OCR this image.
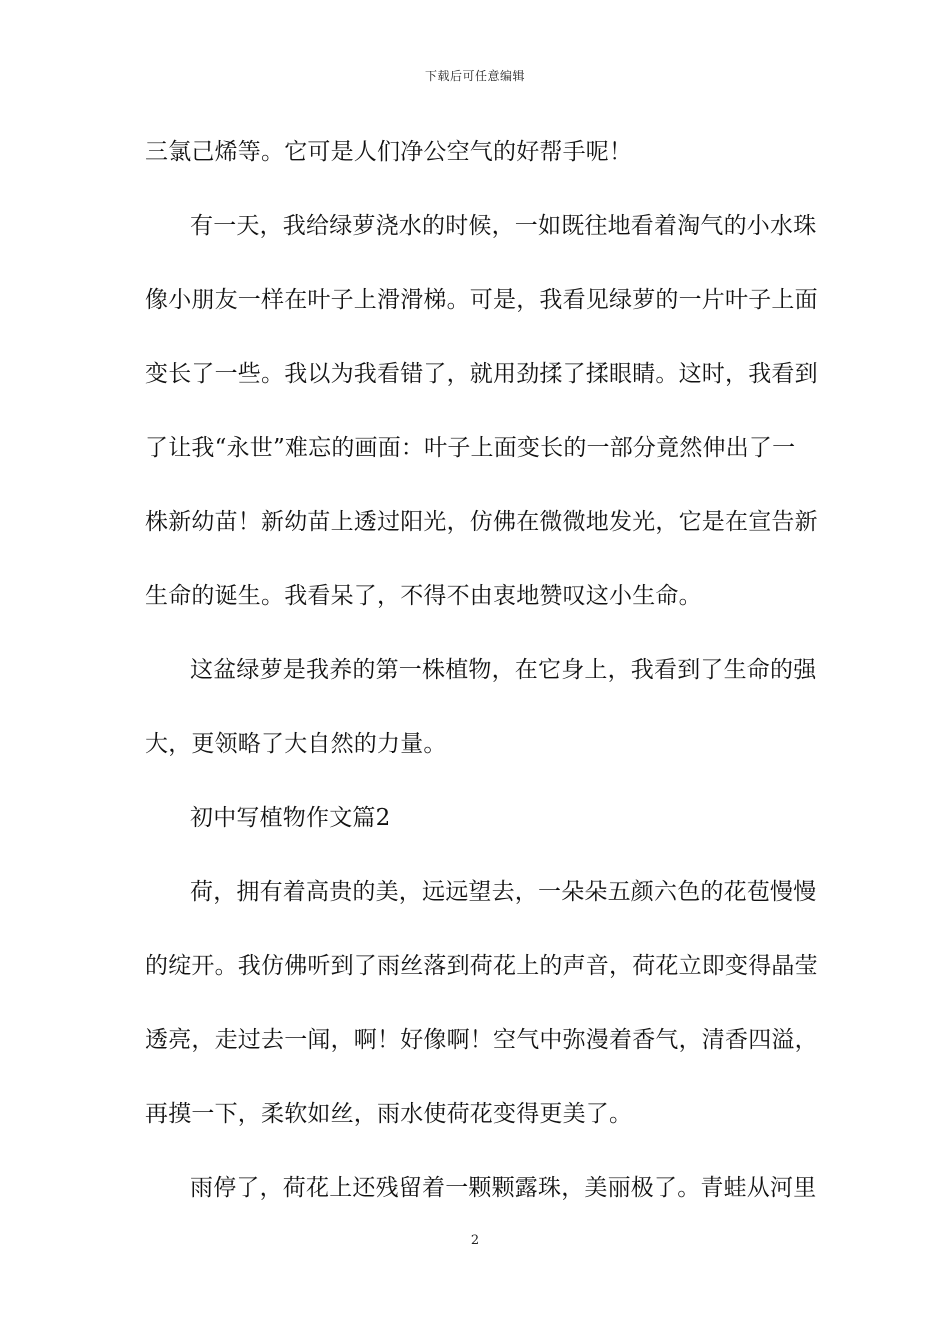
下载后可任意编辑
三氯己烯等。它可是人们净公空气的好帮手呢！
有一天，我给绿萝浇水的时候，一如既往地看着淘气的小水珠
像小朋友一样在叶子上滑滑梯。可是，我看见绿萝的一片叶子上面
变长了一些。我以为我看错了，就用劲揉了揉眼睛。这时，我看到
了让我“永世”难忘的画面：叶子上面变长的一部分竟然伸出了一
株新幼苗！新幼苗上透过阳光，仿佛在微微地发光，它是在宣告新
生命的诞生。我看呆了，不得不由衷地赞叹这小生命。
这盆绿萝是我养的第一株植物，在它身上，我看到了生命的强
大，更领略了大自然的力量。
初中写植物作文篇2
荷，拥有着高贵的美，远远望去，一朵朵五颜六色的花苞慢慢
的绽开。我仿佛听到了雨丝落到荷花上的声音，荷花立即变得晶莹
透亮，走过去一闻，啊！好像啊！空气中弥漫着香气，清香四溢，
再摸一下，柔软如丝，雨水使荷花变得更美了。
雨停了，荷花上还残留着一颗颗露珠，美丽极了。青蛙从河里
2
